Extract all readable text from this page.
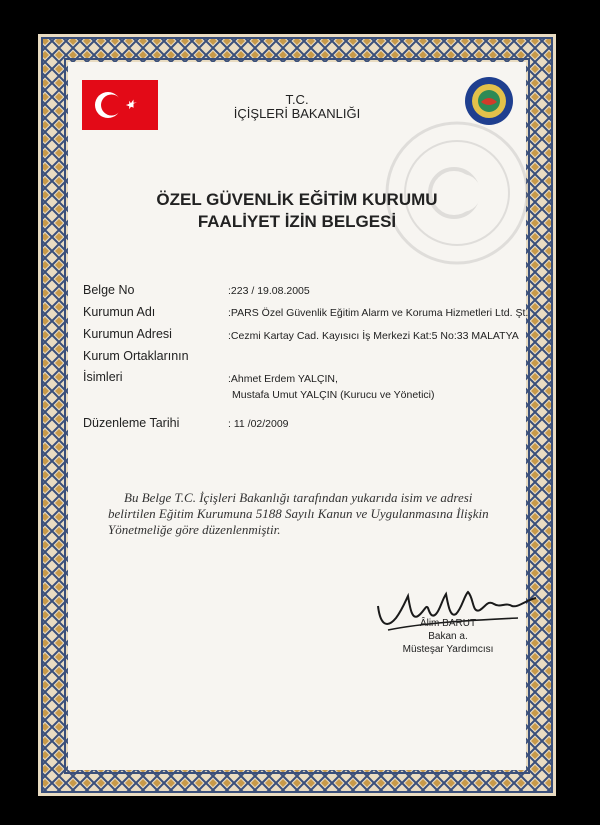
T.C.
İÇİŞLERİ BAKANLIĞI
ÖZEL GÜVENLİK EĞİTİM KURUMU
FAALİYET İZİN BELGESİ
Belge No	:223 / 19.08.2005
Kurumun Adı	:PARS Özel Güvenlik Eğitim Alarm ve Koruma Hizmetleri Ltd. Şt.
Kurumun Adresi	:Cezmi Kartay Cad. Kayısıcı İş Merkezi Kat:5 No:33 MALATYA
Kurum Ortaklarının
İsimleri	:Ahmet Erdem YALÇIN,
Mustafa Umut YALÇIN (Kurucu ve Yönetici)
Düzenleme Tarihi	: 11 /02/2009
Bu Belge T.C. İçişleri Bakanlığı tarafından yukarıda isim ve adresi
belirtilen Eğitim Kurumuna 5188 Sayılı Kanun ve Uygulanmasına İlişkin
Yönetmeliğe göre düzenlenmiştir.
Âlim BARUT
Bakan a.
Müsteşar Yardımcısı
